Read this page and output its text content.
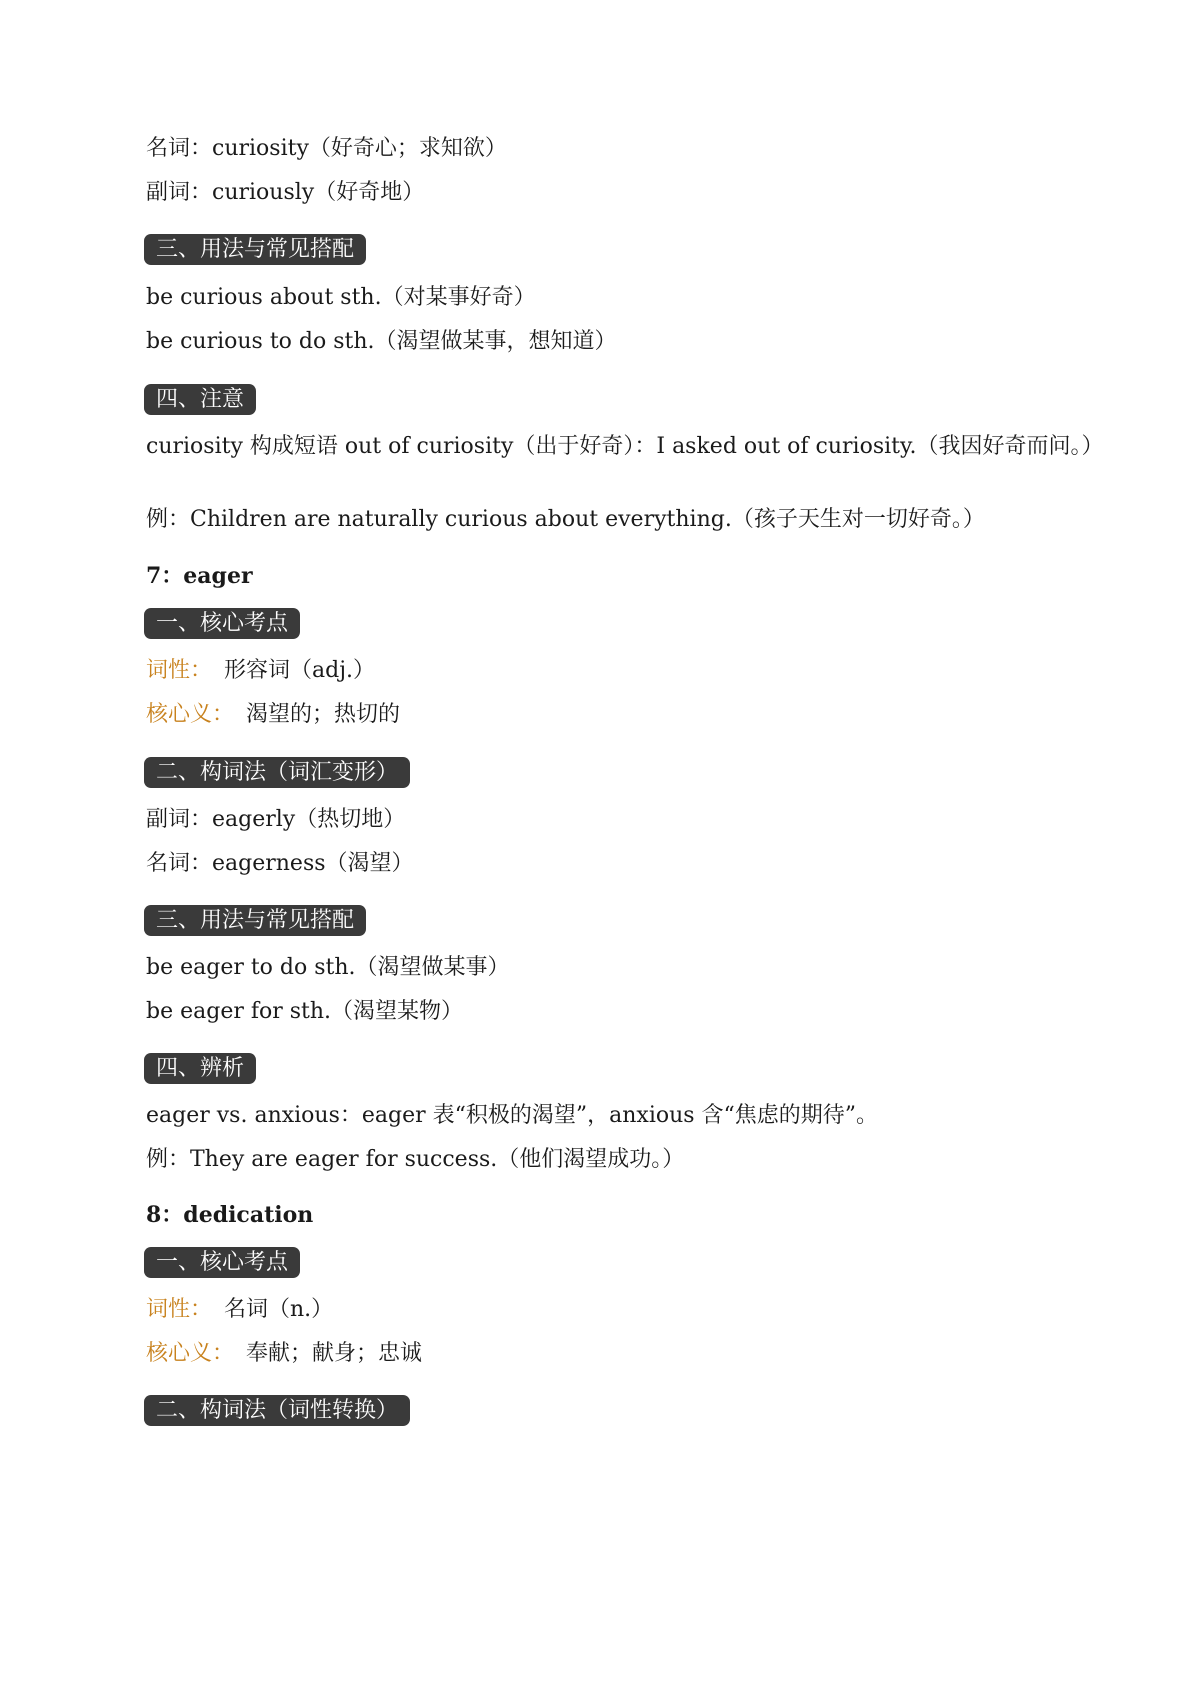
名词：curiosity（好奇心；求知欲）
副词：curiously（好奇地）
三、用法与常见搭配
be curious about sth.（对某事好奇）
be curious to do sth.（渴望做某事，想知道）
四、注意
curiosity 构成短语 out of curiosity（出于好奇）：I asked out of curiosity.（我因好奇而问。）
例：Children are naturally curious about everything.（孩子天生对一切好奇。）
7：eager
一、核心考点
词性： 形容词（adj.）
核心义： 渴望的；热切的
二、构词法（词汇变形）
副词：eagerly（热切地）
名词：eagerness（渴望）
三、用法与常见搭配
be eager to do sth.（渴望做某事）
be eager for sth.（渴望某物）
四、辨析
eager vs. anxious：eager 表“积极的渴望”，anxious 含“焦虑的期待”。
例：They are eager for success.（他们渴望成功。）
8：dedication
一、核心考点
词性： 名词（n.）
核心义： 奉献；献身；忠诚
二、构词法（词性转换）
